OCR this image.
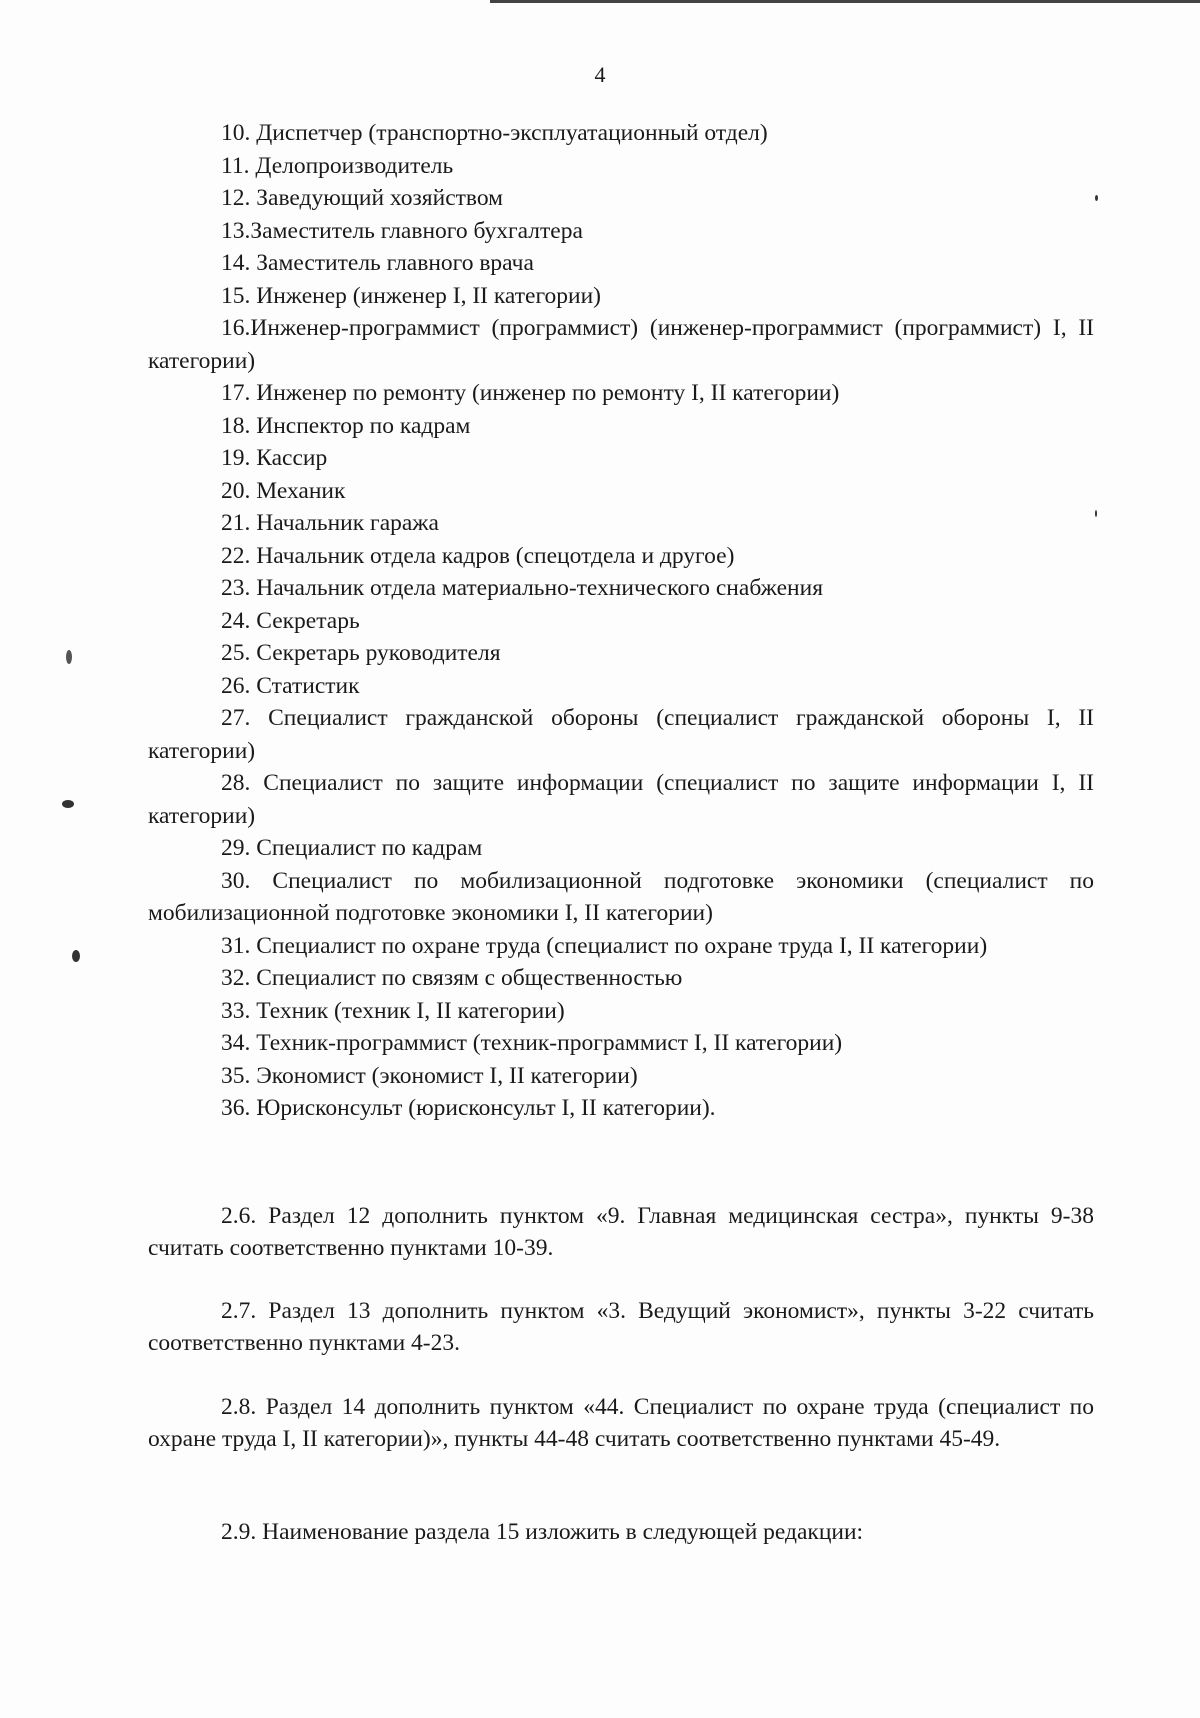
4

10. Диспетчер (транспортно-эксплуатационный отдел)

11. Делопроизводитель

12. Заведующий хозяйством

13.Заместитель главного бухгалтера

14. Заместитель главного врача

15. Инженер (инженер I, II категории)

16.Инженер-программист (программист) (инженер-программист (программист) I, II категории)

17. Инженер по ремонту (инженер по ремонту I, II категории)

18. Инспектор по кадрам

19. Кассир

20. Механик

21. Начальник гаража

22. Начальник отдела кадров (спецотдела и другое)

23. Начальник отдела материально-технического снабжения

24. Секретарь

25. Секретарь руководителя

26. Статистик

27. Специалист гражданской обороны (специалист гражданской обороны I, II категории)

28. Специалист по защите информации (специалист по защите информации I, II категории)

29. Специалист по кадрам

30. Специалист по мобилизационной подготовке экономики (специалист по мобилизационной подготовке экономики I, II категории)

31. Специалист по охране труда (специалист по охране труда I, II категории)

32. Специалист по связям с общественностью

33. Техник (техник I, II категории)

34. Техник-программист (техник-программист I, II категории)

35. Экономист (экономист I, II категории)

36. Юрисконсульт (юрисконсульт I, II категории).

2.6. Раздел 12 дополнить пунктом «9. Главная медицинская сестра», пункты 9-38 считать соответственно пунктами 10-39.

2.7. Раздел 13 дополнить пунктом «3. Ведущий экономист», пункты 3-22 считать соответственно пунктами 4-23.

2.8. Раздел 14 дополнить пунктом «44. Специалист по охране труда (специалист по охране труда I, II категории)», пункты 44-48 считать соответственно пунктами 45-49.

2.9. Наименование раздела 15 изложить в следующей редакции:
